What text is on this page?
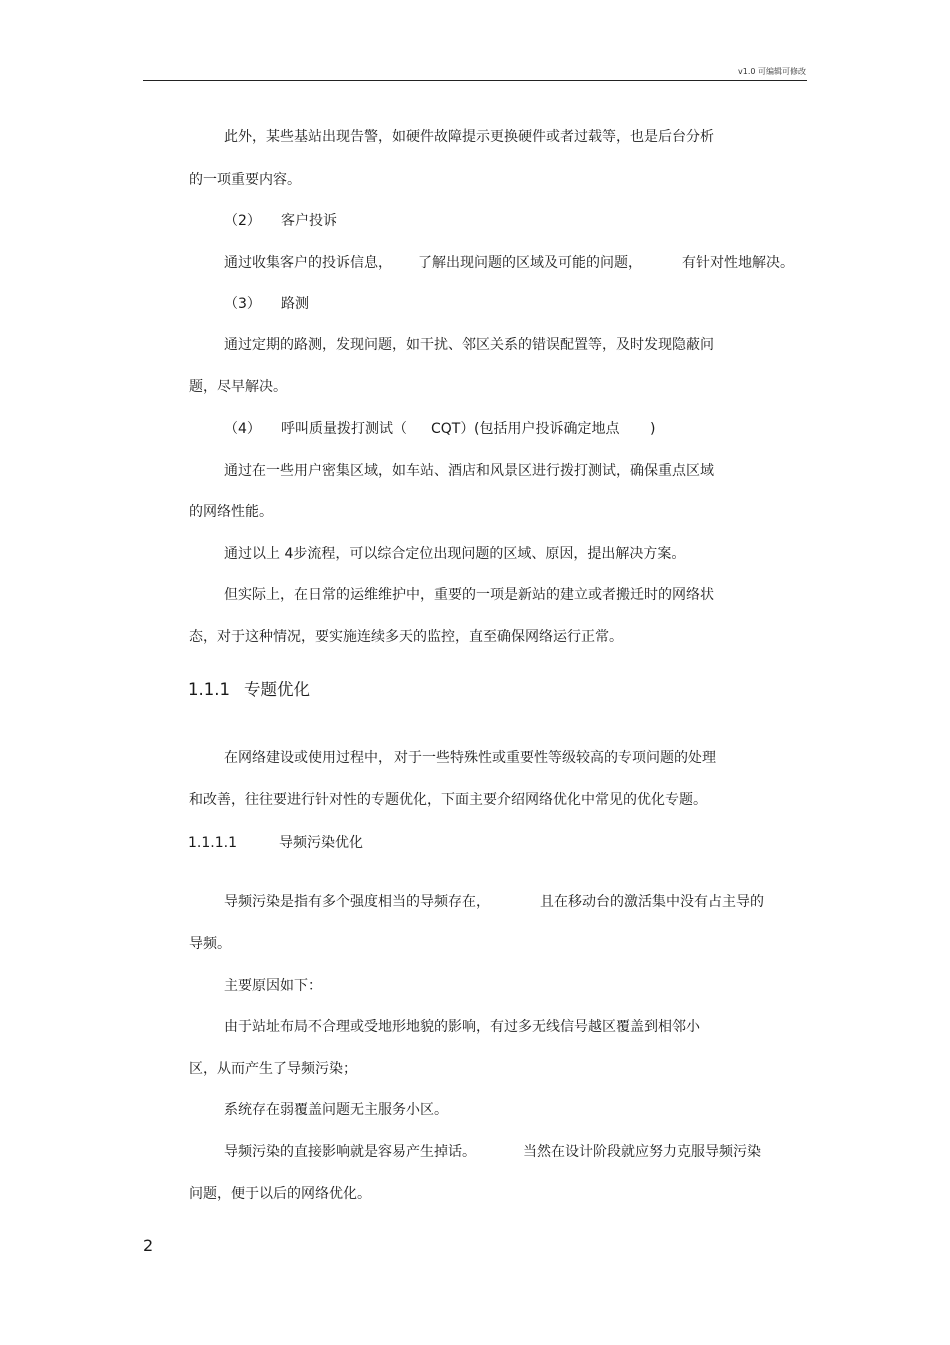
v1.0 可编辑可修改
此外，某些基站出现告警，如硬件故障提示更换硬件或者过载等，也是后台分析
的一项重要内容。
（2） 客户投诉
通过收集客户的投诉信息， 了解出现问题的区域及可能的问题，	有针对性地解决。
（3） 路测
通过定期的路测，发现问题，如干扰、邻区关系的错误配置等，及时发现隐蔽问
题，尽早解决。
（4） 呼叫质量拨打测试（ CQT） (包括用户投诉确定地点 )
通过在一些用户密集区域，如车站、酒店和风景区进行拨打测试，确保重点区域
的网络性能。
通过以上 4步流程，可以综合定位出现问题的区域、原因，提出解决方案。
但实际上，在日常的运维维护中，重要的一项是新站的建立或者搬迁时的网络状
态，对于这种情况，要实施连续多天的监控，直至确保网络运行正常。
1.1.1 专题优化
在网络建设或使用过程中， 对于一些特殊性或重要性等级较高的专项问题的处理
和改善，往往要进行针对性的专题优化，下面主要介绍网络优化中常见的优化专题。
1.1.1.1	导频污染优化
导频污染是指有多个强度相当的导频存在，	且在移动台的激活集中没有占主导的
导频。
主要原因如下：
由于站址布局不合理或受地形地貌的影响，有过多无线信号越区覆盖到相邻小
区，从而产生了导频污染；
系统存在弱覆盖问题无主服务小区。
导频污染的直接影响就是容易产生掉话。	当然在设计阶段就应努力克服导频污染
问题，便于以后的网络优化。
2
